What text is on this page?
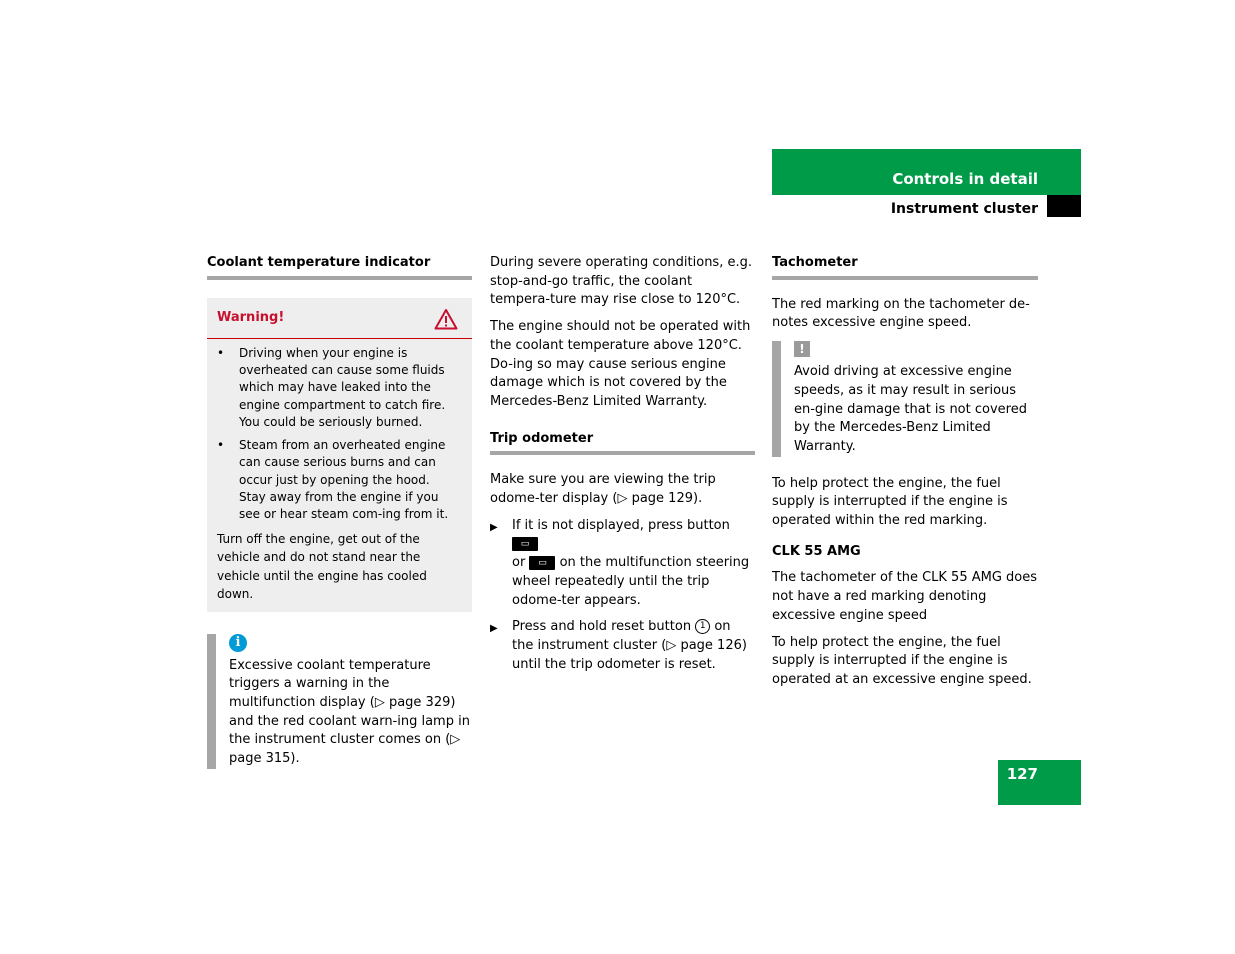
Controls in detail
Instrument cluster
Coolant temperature indicator
Warning!
• Driving when your engine is overheated can cause some fluids which may have leaked into the engine compartment to catch fire. You could be seriously burned.
• Steam from an overheated engine can cause serious burns and can occur just by opening the hood. Stay away from the engine if you see or hear steam com-ing from it.
Turn off the engine, get out of the vehicle and do not stand near the vehicle until the engine has cooled down.
i
Excessive coolant temperature triggers a warning in the multifunction display (▷ page 329) and the red coolant warn-ing lamp in the instrument cluster comes on (▷ page 315).

During severe operating conditions, e.g. stop-and-go traffic, the coolant tempera-ture may rise close to 120°C.

The engine should not be operated with the coolant temperature above 120°C. Do-ing so may cause serious engine damage which is not covered by the Mercedes-Benz Limited Warranty.

Trip odometer

Make sure you are viewing the trip odome-ter display (▷ page 129).

▶	If it is not displayed, press button ▭
or ▭ on the multifunction steering wheel repeatedly until the trip odome-ter appears.
▶	Press and hold reset button 1 on the instrument cluster (▷ page 126) until the trip odometer is reset.
Tachometer

The red marking on the tachometer de-notes excessive engine speed.

!
Avoid driving at excessive engine speeds, as it may result in serious en-gine damage that is not covered by the Mercedes-Benz Limited Warranty.

To help protect the engine, the fuel supply is interrupted if the engine is operated within the red marking.

CLK 55 AMG

The tachometer of the CLK 55 AMG does not have a red marking denoting excessive engine speed

To help protect the engine, the fuel supply is interrupted if the engine is operated at an excessive engine speed.

127
